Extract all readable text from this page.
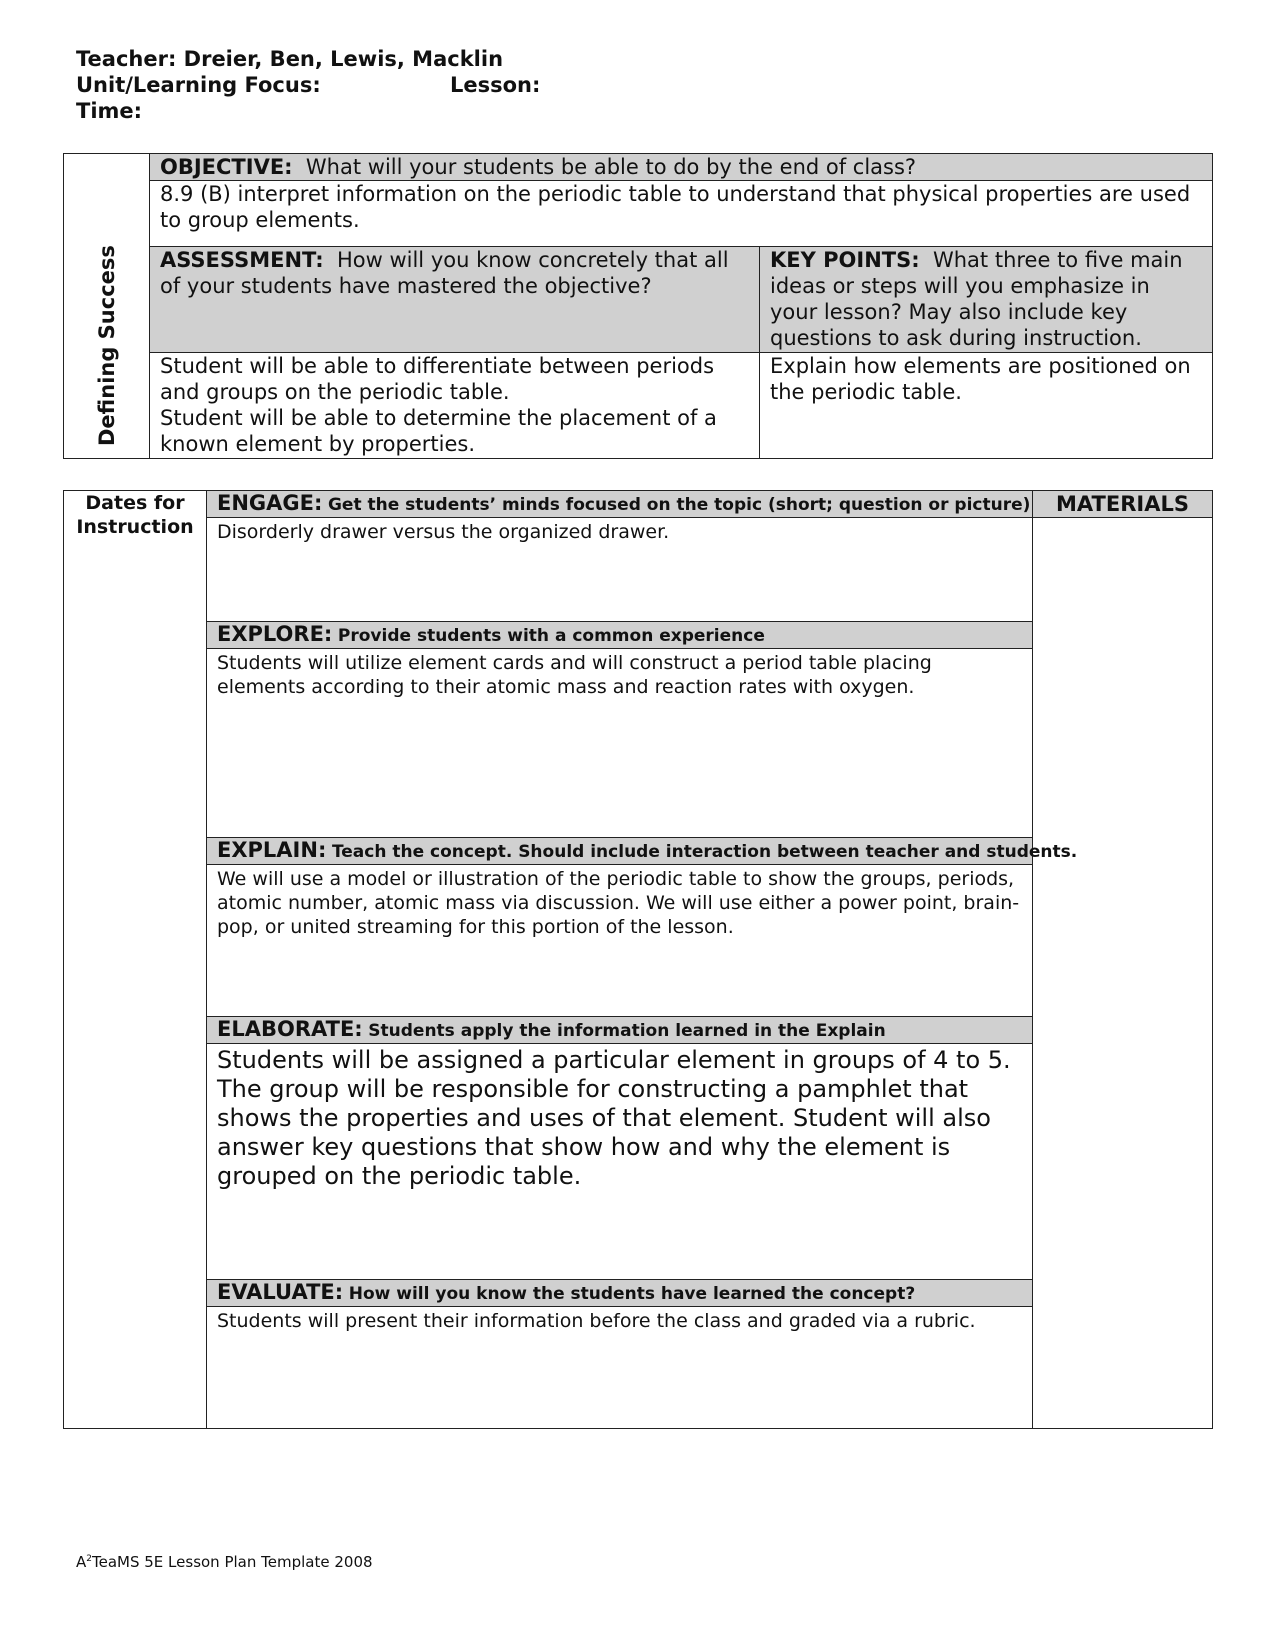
Teacher: Dreier, Ben, Lewis, Macklin
Unit/Learning Focus:	Lesson:
Time:
Defining Success	OBJECTIVE: What will your students be able to do by the end of class?	
	8.9 (B) interpret information on the periodic table to understand that physical properties are used to group elements.	
	ASSESSMENT: How will you know concretely that all of your students have mastered the objective?	KEY POINTS: What three to five main ideas or steps will you emphasize in your lesson? May also include key questions to ask during instruction.

	Student will be able to differentiate between periods and groups on the periodic table.
Student will be able to determine the placement of a known element by properties.	Explain how elements are positioned on the periodic table.
Dates for Instruction	ENGAGE: Get the students’ minds focused on the topic (short; question or picture)	MATERIALS
	Disorderly drawer versus the organized drawer.	
	EXPLORE: Provide students with a common experience	
	Students will utilize element cards and will construct a period table placing elements according to their atomic mass and reaction rates with oxygen.	
	EXPLAIN: Teach the concept. Should include interaction between teacher and students.	
	We will use a model or illustration of the periodic table to show the groups, periods, atomic number, atomic mass via discussion. We will use either a power point, brain-pop, or united streaming for this portion of the lesson.	
	ELABORATE: Students apply the information learned in the Explain	
	Students will be assigned a particular element in groups of 4 to 5. The group will be responsible for constructing a pamphlet that shows the properties and uses of that element. Student will also answer key questions that show how and why the element is grouped on the periodic table.	
	EVALUATE: How will you know the students have learned the concept?	
	Students will present their information before the class and graded via a rubric.	
$A^2TeaMS$ 5E Lesson Plan Template 2008
